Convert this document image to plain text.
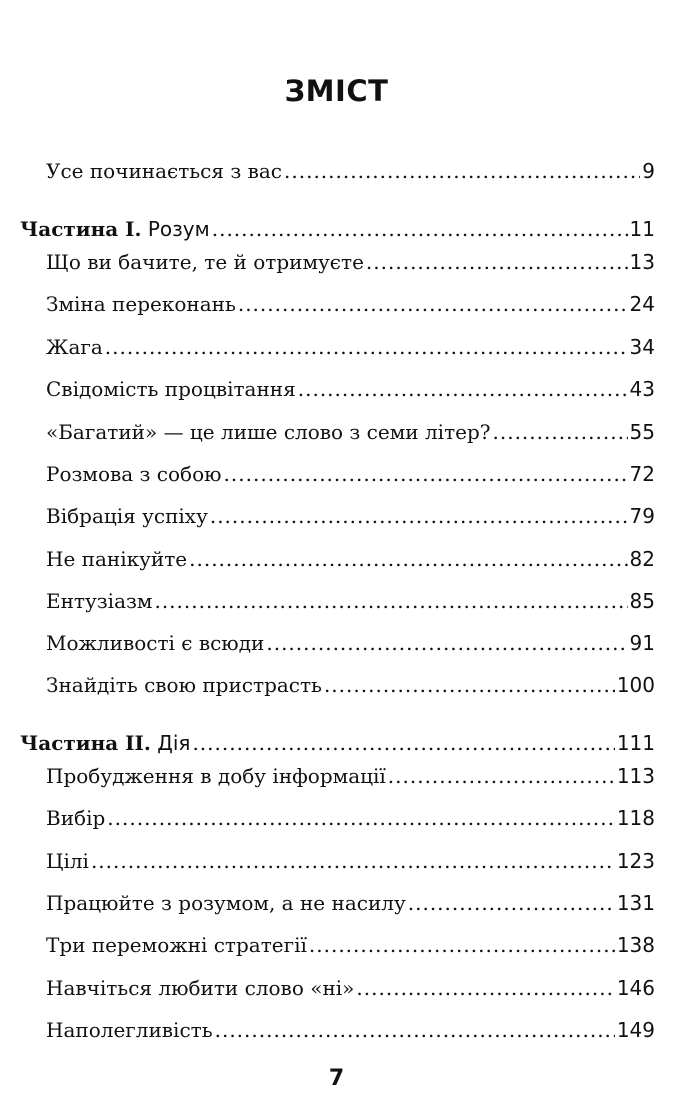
ЗМІСТ
Усе починається з вас .....	9
Частина I. Розум .....	11
Що ви бачите, те й отримуєте .....	13
Зміна переконань .....	24
Жага .....	34
Свідомість процвітання .....	43
«Багатий» — це лише слово з семи літер? .....	55
Розмова з собою .....	72
Вібрація успіху .....	79
Не панікуйте .....	82
Ентузіазм .....	85
Можливості є всюди .....	91
Знайдіть свою пристрасть .....	100
Частина II. Дія .....	111
Пробудження в добу інформації .....	113
Вибір .....	118
Цілі .....	123
Працюйте з розумом, а не насилу .....	131
Три переможні стратегії .....	138
Навчіться любити слово «ні» .....	146
Наполегливість .....	149
7
